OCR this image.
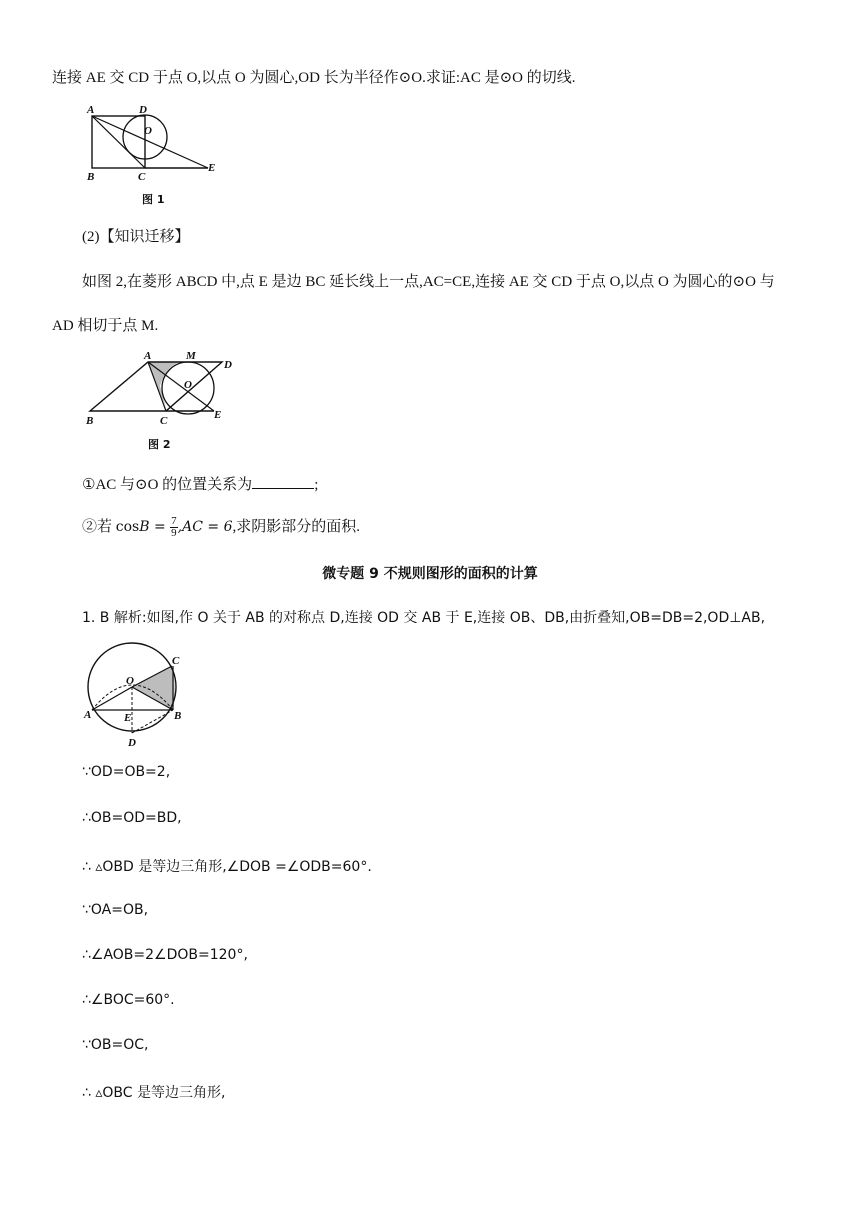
连接 AE 交 CD 于点 O,以点 O 为圆心,OD 长为半径作⊙O.求证:AC 是⊙O 的切线.
A	D
O
B	C
E
图 1
(2)【知识迁移】
如图 2,在菱形 ABCD 中,点 E 是边 BC 延长线上一点,AC=CE,连接 AE 交 CD 于点 O,以点 O 为圆心的⊙O 与
AD 相切于点 M.
A	M
D
O
B	C	E
图 2
①AC 与⊙O 的位置关系为	;
②若 $\cos B = \frac{7}{9} ,AC = 6$,求阴影部分的面积.
微专题 9 不规则图形的面积的计算
1. B 解析:如图,作 O 关于 AB 的对称点 D,连接 OD 交 AB 于 E,连接 OB、DB,由折叠知,OB=DB=2,OD⊥AB,
C
O
A	E	B
D
∵OD=OB=2,
∴OB=OD=BD,
∴ ▵OBD 是等边三角形,∠DOB =∠ODB=60°.
∵OA=OB,
∴∠AOB=2∠DOB=120°,
∴∠BOC=60°.
∵OB=OC,
∴ ▵OBC 是等边三角形,
